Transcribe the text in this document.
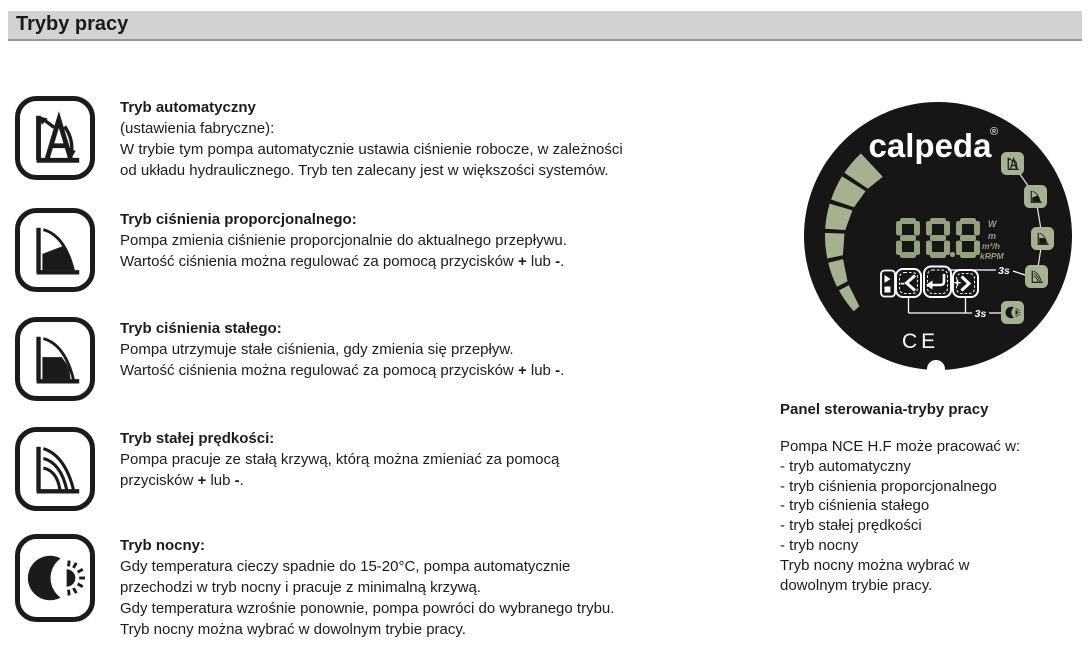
Tryby pracy
Tryb automatyczny
(ustawienia fabryczne):
W trybie tym pompa automatycznie ustawia ciśnienie robocze, w zależności
od układu hydraulicznego. Tryb ten zalecany jest w większości systemów.
Tryb ciśnienia proporcjonalnego:
Pompa zmienia ciśnienie proporcjonalnie do aktualnego przepływu.
Wartość ciśnienia można regulować za pomocą przycisków + lub -.
Tryb ciśnienia stałego:
Pompa utrzymuje stałe ciśnienia, gdy zmienia się przepływ.
Wartość ciśnienia można regulować za pomocą przycisków + lub -.
Tryb stałej prędkości:
Pompa pracuje ze stałą krzywą, którą można zmieniać za pomocą
przycisków + lub -.
Tryb nocny:
Gdy temperatura cieczy spadnie do 15-20°C, pompa automatycznie
przechodzi w tryb nocny i pracuje z minimalną krzywą.
Gdy temperatura wzrośnie ponownie, pompa powróci do wybranego trybu.
Tryb nocny można wybrać w dowolnym trybie pracy.
calpeda
®
W
m
m³/h
kRPM
-	+
3s
3s
CE
Panel sterowania-tryby pracy
Pompa NCE H.F może pracować w:
- tryb automatyczny
- tryb ciśnienia proporcjonalnego
- tryb ciśnienia stałego
- tryb stałej prędkości
- tryb nocny
Tryb nocny można wybrać w
dowolnym trybie pracy.
